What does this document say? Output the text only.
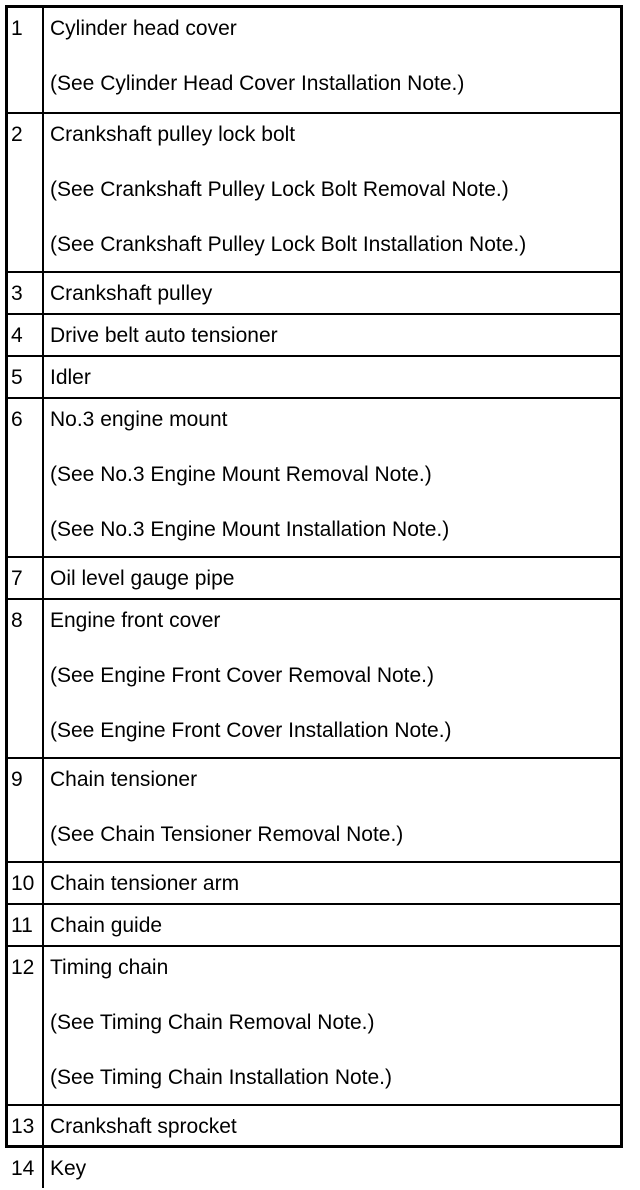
1	Cylinder head cover
(See Cylinder Head Cover Installation Note.)
2	Crankshaft pulley lock bolt
(See Crankshaft Pulley Lock Bolt Removal Note.)
(See Crankshaft Pulley Lock Bolt Installation Note.)
3	Crankshaft pulley
4	Drive belt auto tensioner
5	Idler
6	No.3 engine mount
(See No.3 Engine Mount Removal Note.)
(See No.3 Engine Mount Installation Note.)
7	Oil level gauge pipe
8	Engine front cover
(See Engine Front Cover Removal Note.)
(See Engine Front Cover Installation Note.)
9	Chain tensioner
(See Chain Tensioner Removal Note.)
10 Chain tensioner arm
11 Chain guide
12 Timing chain
(See Timing Chain Removal Note.)
(See Timing Chain Installation Note.)
13 Crankshaft sprocket
14 Key
